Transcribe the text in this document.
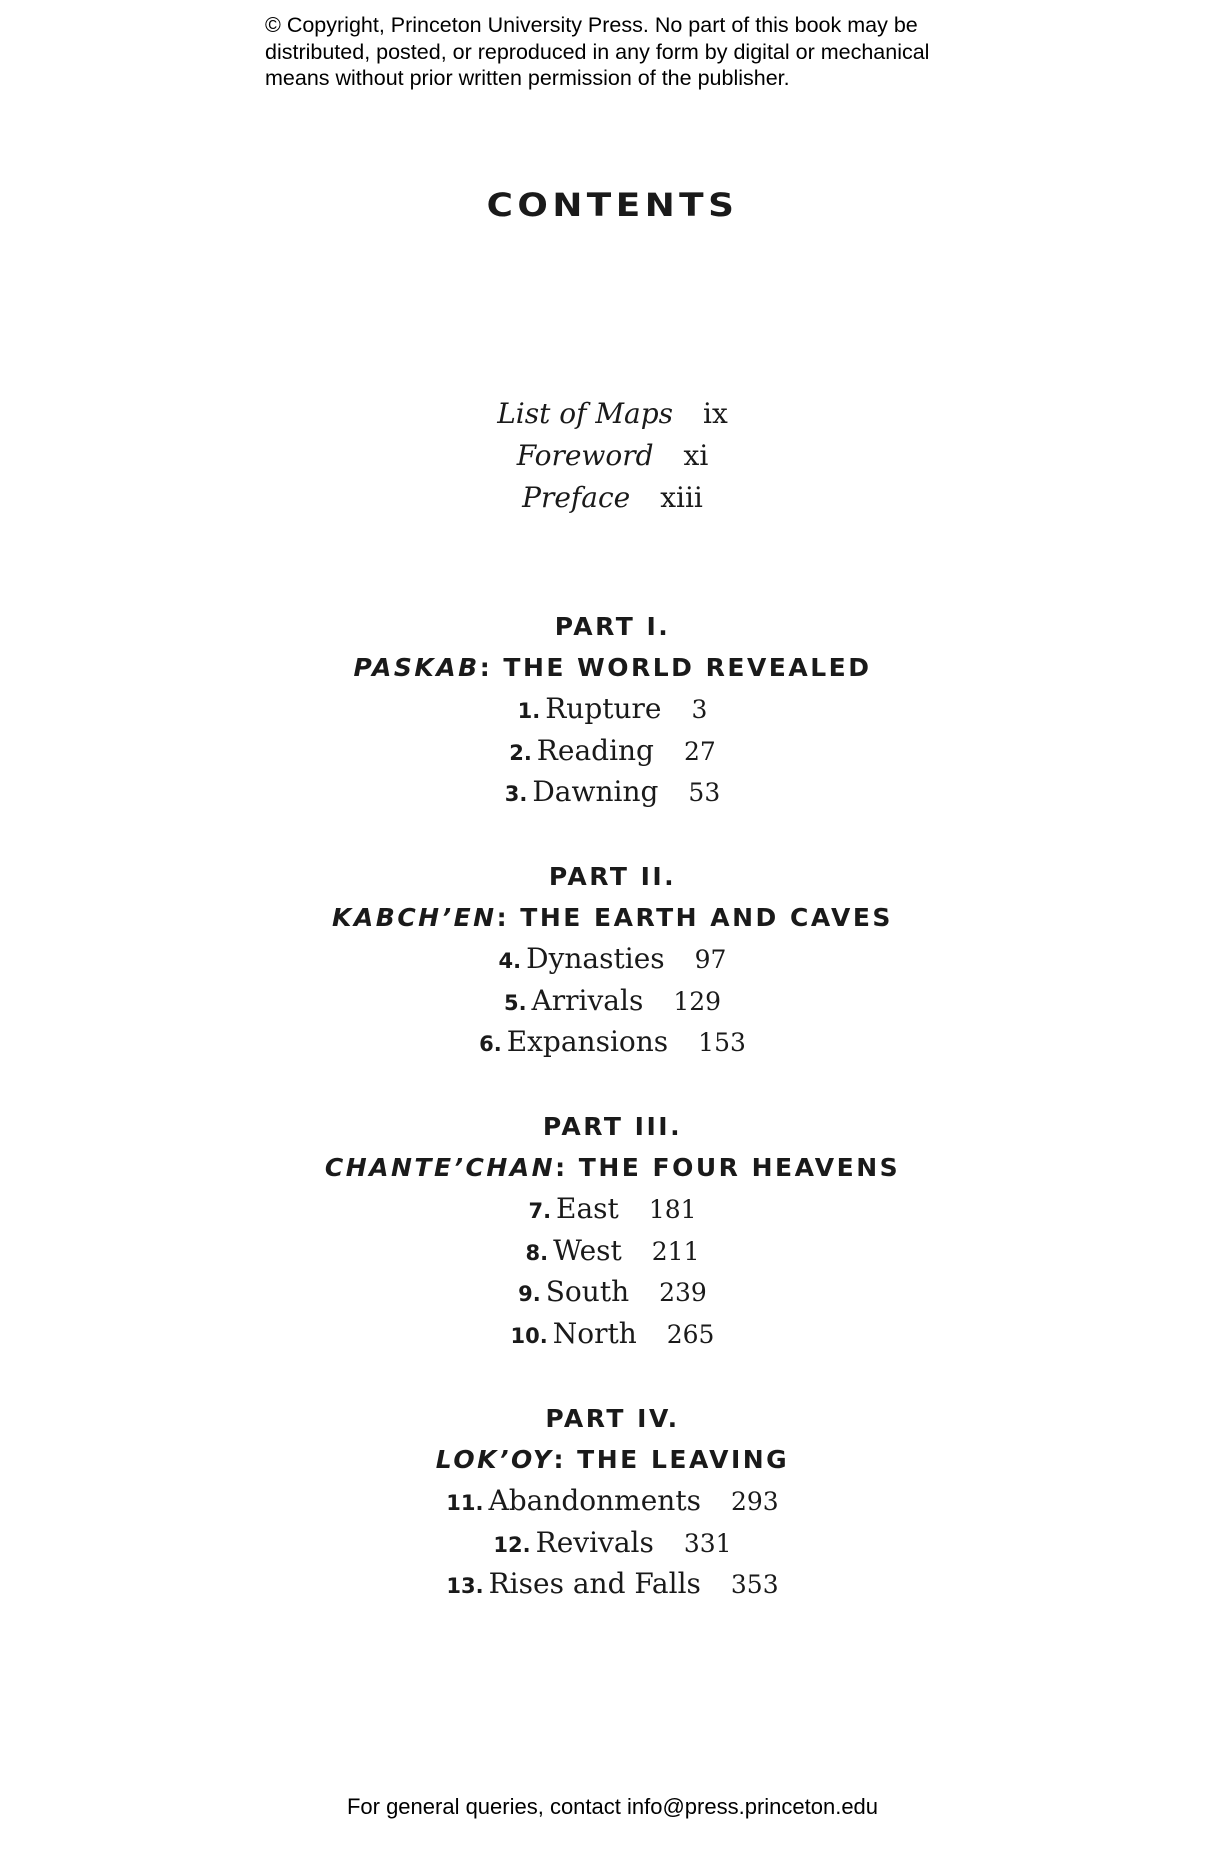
© Copyright, Princeton University Press. No part of this book may be
distributed, posted, or reproduced in any form by digital or mechanical
means without prior written permission of the publisher.
CONTENTS
List of Maps ix
Foreword xi
Preface xiii
PART I.
PASKAB: THE WORLD REVEALED
1. Rupture 3
2. Reading 27
3. Dawning 53
PART II.
KABCH’EN: THE EARTH AND CAVES
4. Dynasties 97
5. Arrivals 129
6. Expansions 153
PART III.
CHANTE’CHAN: THE FOUR HEAVENS
7. East 181
8. West 211
9. South 239
10. North 265
PART IV.
LOK’OY: THE LEAVING
11. Abandonments 293
12. Revivals 331
13. Rises and Falls 353
For general queries, contact info@press.princeton.edu
